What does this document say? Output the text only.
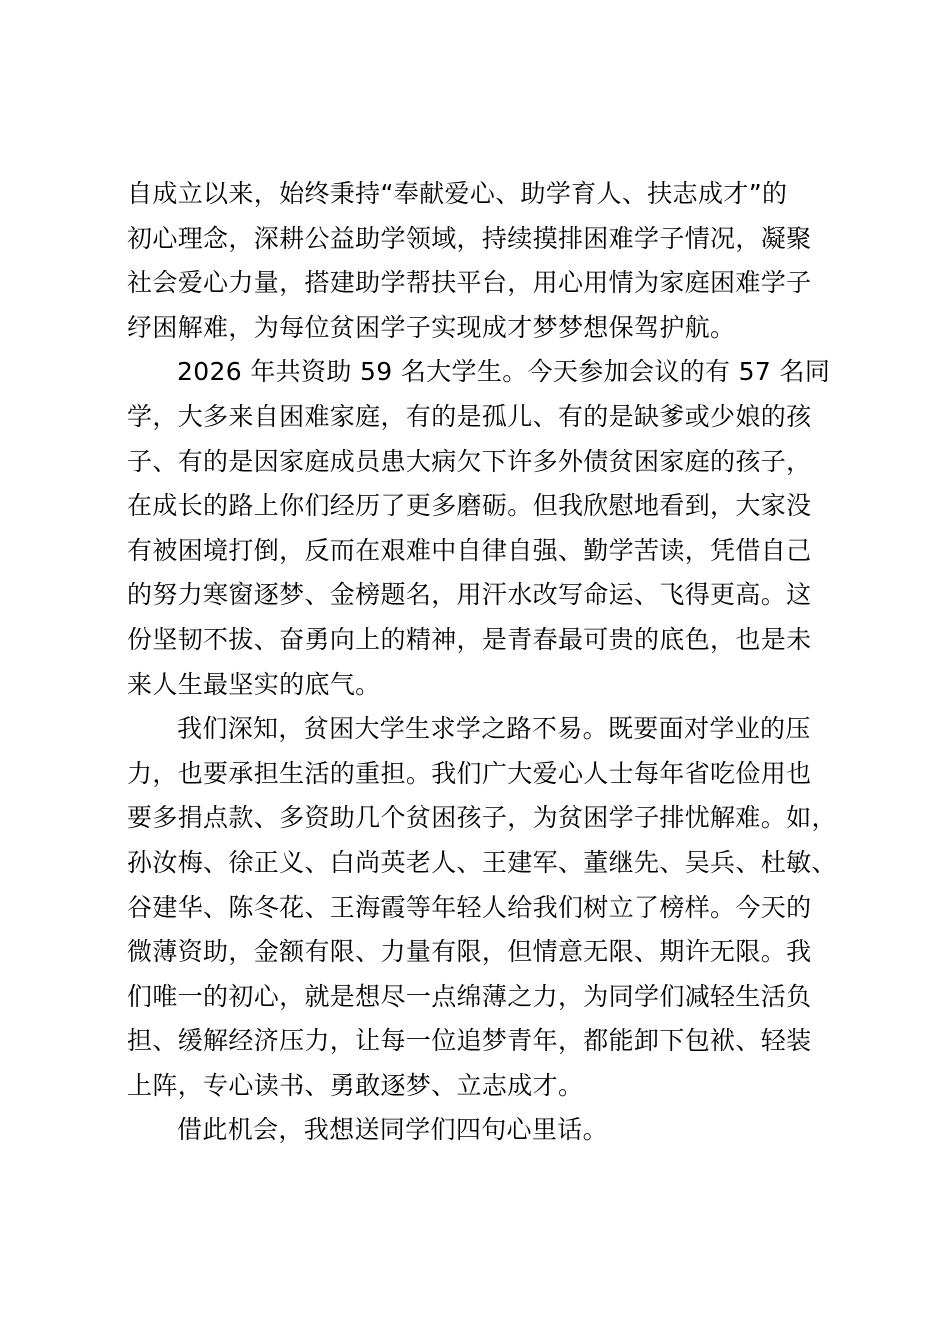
自成立以来，始终秉持“奉献爱心、助学育人、扶志成才”的

初心理念，深耕公益助学领域，持续摸排困难学子情况，凝聚

社会爱心力量，搭建助学帮扶平台，用心用情为家庭困难学子

纾困解难，为每位贫困学子实现成才梦梦想保驾护航。

2026 年共资助 59 名大学生。今天参加会议的有 57 名同

学，大多来自困难家庭，有的是孤儿、有的是缺爹或少娘的孩

子、有的是因家庭成员患大病欠下许多外债贫困家庭的孩子，

在成长的路上你们经历了更多磨砺。但我欣慰地看到，大家没

有被困境打倒，反而在艰难中自律自强、勤学苦读，凭借自己

的努力寒窗逐梦、金榜题名，用汗水改写命运、飞得更高。这

份坚韧不拔、奋勇向上的精神，是青春最可贵的底色，也是未

来人生最坚实的底气。

我们深知，贫困大学生求学之路不易。既要面对学业的压

力，也要承担生活的重担。我们广大爱心人士每年省吃俭用也

要多捐点款、多资助几个贫困孩子，为贫困学子排忧解难。如，

孙汝梅、徐正义、白尚英老人、王建军、董继先、吴兵、杜敏、

谷建华、陈冬花、王海霞等年轻人给我们树立了榜样。今天的

微薄资助，金额有限、力量有限，但情意无限、期许无限。我

们唯一的初心，就是想尽一点绵薄之力，为同学们减轻生活负

担、缓解经济压力，让每一位追梦青年，都能卸下包袱、轻装

上阵，专心读书、勇敢逐梦、立志成才。

借此机会，我想送同学们四句心里话。
